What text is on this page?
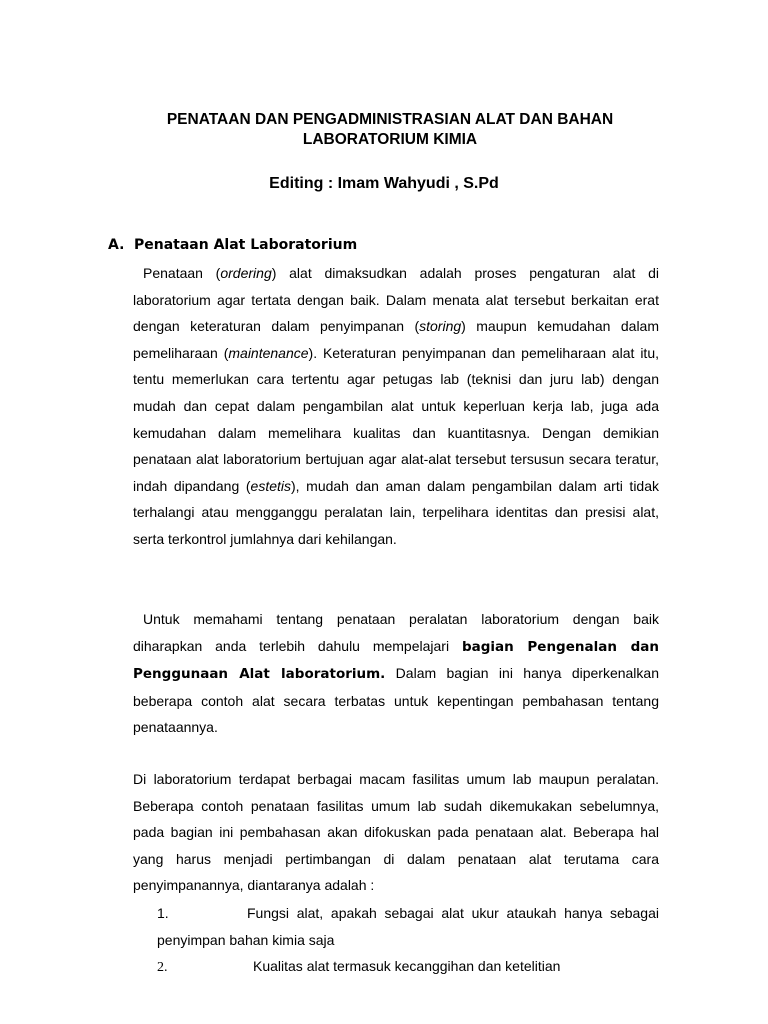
PENATAAN DAN PENGADMINISTRASIAN ALAT DAN BAHAN
LABORATORIUM KIMIA
Editing : Imam Wahyudi , S.Pd
A. Penataan Alat Laboratorium

Penataan (ordering) alat dimaksudkan adalah proses pengaturan alat di laboratorium agar tertata dengan baik. Dalam menata alat tersebut berkaitan erat dengan keteraturan dalam penyimpanan (storing) maupun kemudahan dalam pemeliharaan (maintenance). Keteraturan penyimpanan dan pemeliharaan alat itu, tentu memerlukan cara tertentu agar petugas lab (teknisi dan juru lab) dengan mudah dan cepat dalam pengambilan alat untuk keperluan kerja lab, juga ada kemudahan dalam memelihara kualitas dan kuantitasnya. Dengan demikian penataan alat laboratorium bertujuan agar alat-alat tersebut tersusun secara teratur, indah dipandang (estetis), mudah dan aman dalam pengambilan dalam arti tidak terhalangi atau mengganggu peralatan lain, terpelihara identitas dan presisi alat, serta terkontrol jumlahnya dari kehilangan.

Untuk memahami tentang penataan peralatan laboratorium dengan baik diharapkan anda terlebih dahulu mempelajari bagian Pengenalan dan Penggunaan Alat laboratorium. Dalam bagian ini hanya diperkenalkan beberapa contoh alat secara terbatas untuk kepentingan pembahasan tentang penataannya.

Di laboratorium terdapat berbagai macam fasilitas umum lab maupun peralatan. Beberapa contoh penataan fasilitas umum lab sudah dikemukakan sebelumnya, pada bagian ini pembahasan akan difokuskan pada penataan alat. Beberapa hal yang harus menjadi pertimbangan di dalam penataan alat terutama cara penyimpanannya, diantaranya adalah :

1.	Fungsi alat, apakah sebagai alat ukur ataukah hanya sebagai penyimpan bahan kimia saja
2.	Kualitas alat termasuk kecanggihan dan ketelitian
